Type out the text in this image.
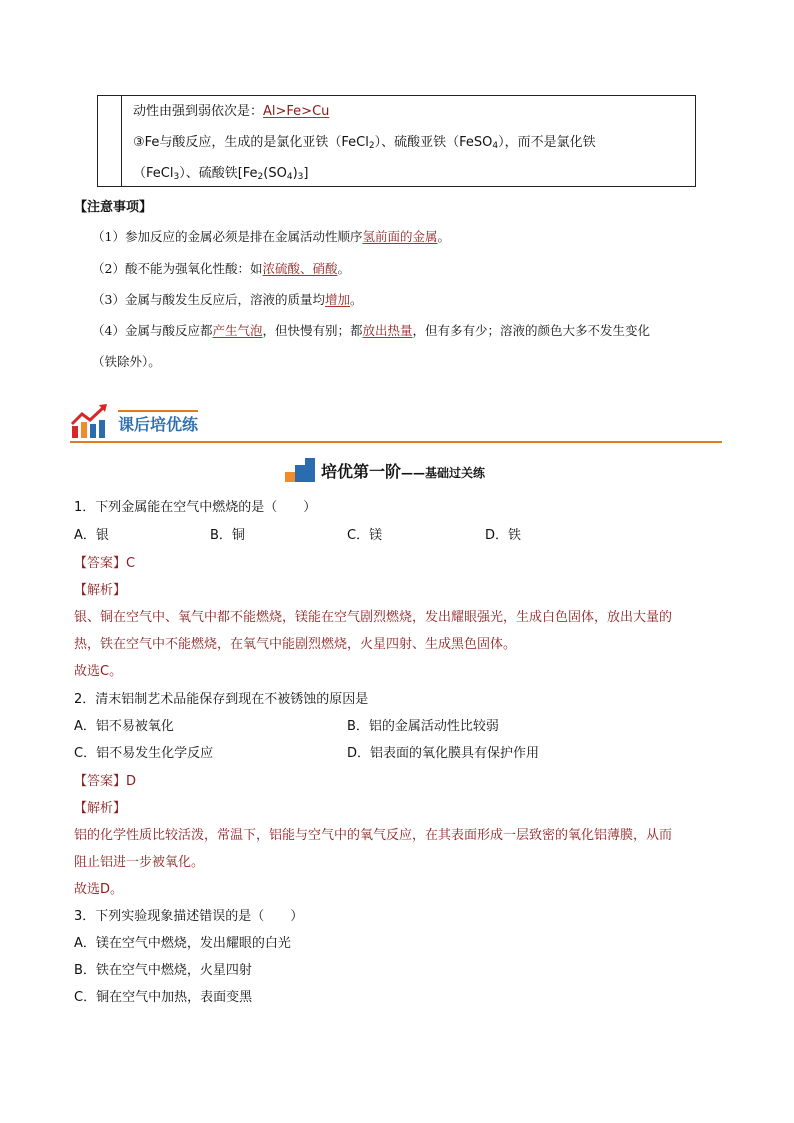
动性由强到弱依次是：Al>Fe>Cu
③Fe与酸反应，生成的是氯化亚铁（FeCl$_2$）、硫酸亚铁（FeSO$_4$），而不是氯化铁
（FeCl$_3$）、硫酸铁$[Fe_2(SO_4)_3]$
【注意事项】
（1）参加反应的金属必须是排在金属活动性顺序氢前面的金属。
（2）酸不能为强氧化性酸：如浓硫酸、硝酸。
（3）金属与酸发生反应后，溶液的质量均增加。
（4）金属与酸反应都产生气泡，但快慢有别；都放出热量，但有多有少；溶液的颜色大多不发生变化
（铁除外）。
课后培优练
培优第一阶——基础过关练
1．下列金属能在空气中燃烧的是（　　）
A．银	B．铜	C．镁	D．铁
【答案】C
【解析】
银、铜在空气中、氧气中都不能燃烧，镁能在空气剧烈燃烧，发出耀眼强光，生成白色固体，放出大量的
热，铁在空气中不能燃烧，在氧气中能剧烈燃烧，火星四射、生成黑色固体。
故选C。
2．清末铝制艺术品能保存到现在不被锈蚀的原因是
A．铝不易被氧化	B．铝的金属活动性比较弱
C．铝不易发生化学反应	D．铝表面的氧化膜具有保护作用
【答案】D
【解析】
铝的化学性质比较活泼，常温下，铝能与空气中的氧气反应，在其表面形成一层致密的氧化铝薄膜，从而
阻止铝进一步被氧化。
故选D。
3．下列实验现象描述错误的是（　　）
A．镁在空气中燃烧，发出耀眼的白光
B．铁在空气中燃烧，火星四射
C．铜在空气中加热，表面变黑
